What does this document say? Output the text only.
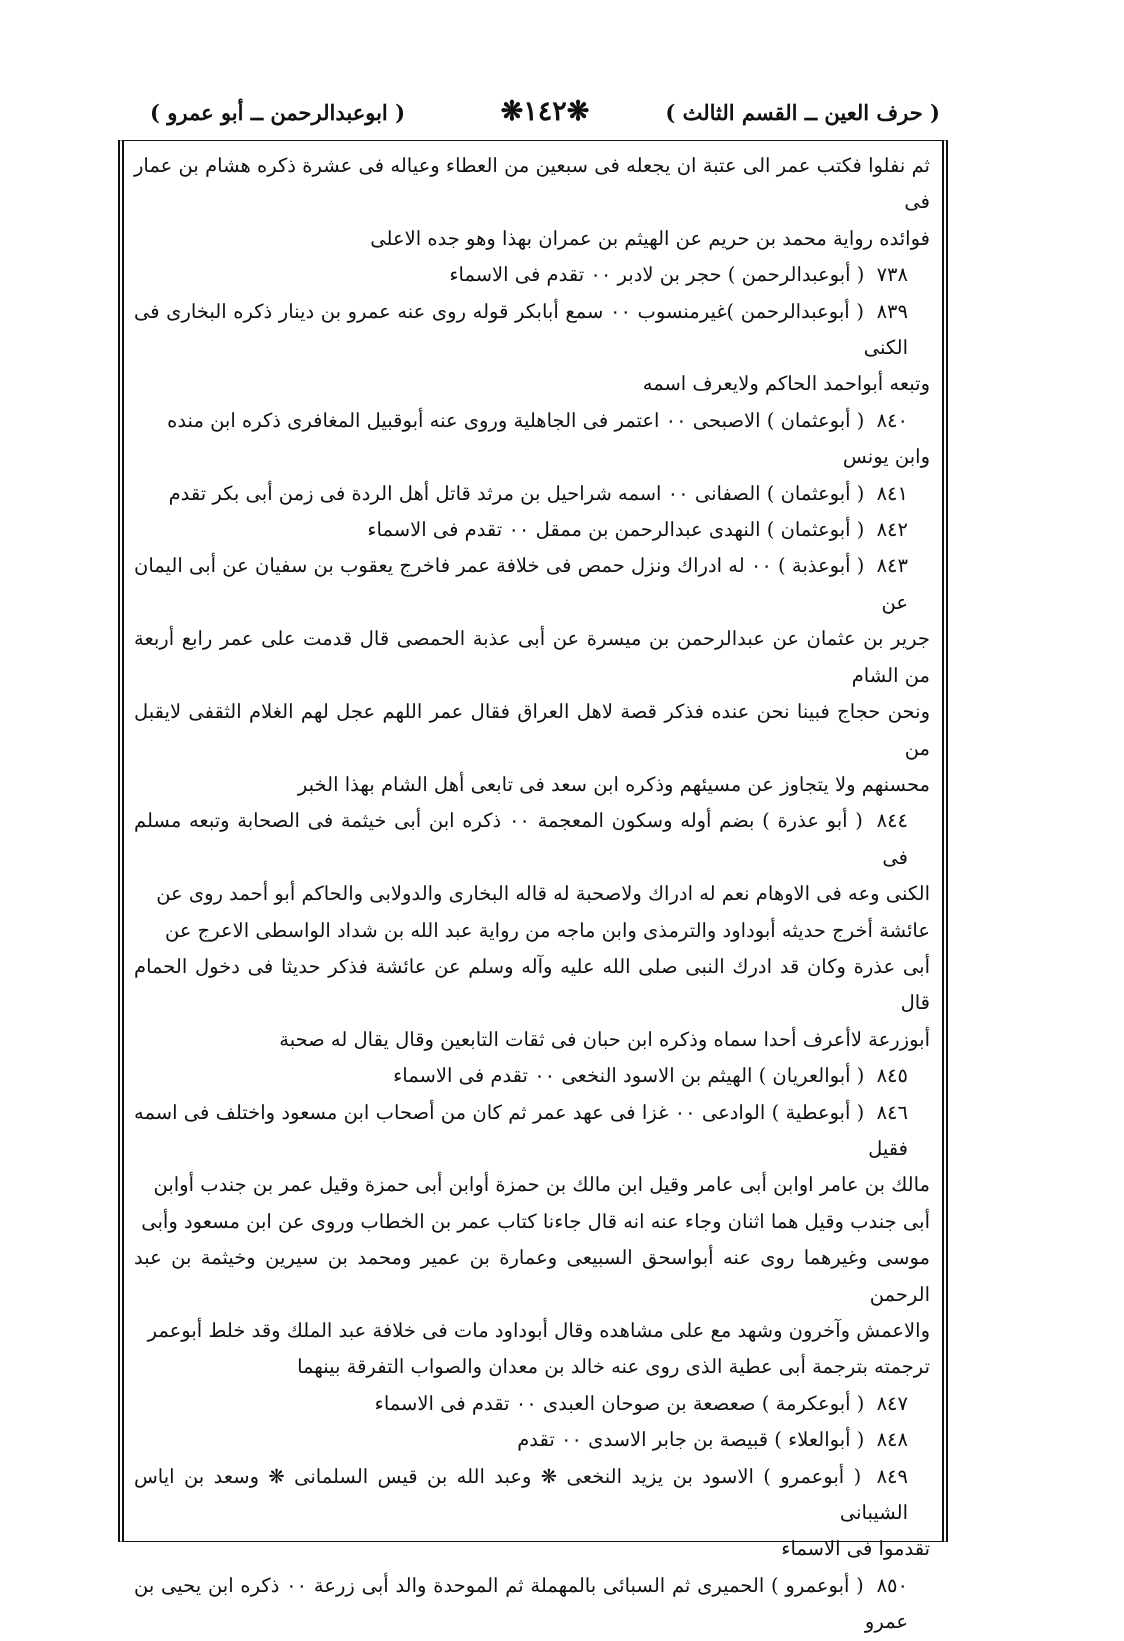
( حرف العين ــ القسم الثالث )
❋١٤٢❋
( ابوعبدالرحمن ــ أبو عمرو )

ثم نفلوا فكتب عمر الى عتبة ان يجعله فى سبعين من العطاء وعياله فى عشرة ذكره هشام بن عمار فى

فوائده رواية محمد بن حريم عن الهيثم بن عمران بهذا وهو جده الاعلى

٧٣٨ ( أبوعبدالرحمن ) حجر بن لادبر ٠٠ تقدم فى الاسماء

٨٣٩ ( أبوعبدالرحمن )غيرمنسوب ٠٠ سمع أبابكر قوله روى عنه عمرو بن دينار ذكره البخارى فى الكنى

وتبعه أبواحمد الحاكم ولايعرف اسمه

٨٤٠ ( أبوعثمان ) الاصبحى ٠٠ اعتمر فى الجاهلية وروى عنه أبوقبيل المغافرى ذكره ابن منده

وابن يونس

٨٤١ ( أبوعثمان ) الصفانى ٠٠ اسمه شراحيل بن مرثد قاتل أهل الردة فى زمن أبى بكر تقدم

٨٤٢ ( أبوعثمان ) النهدى عبدالرحمن بن ممقل ٠٠ تقدم فى الاسماء

٨٤٣ ( أبوعذبة ) ٠٠ له ادراك ونزل حمص فى خلافة عمر فاخرج يعقوب بن سفيان عن أبى اليمان عن

جرير بن عثمان عن عبدالرحمن بن ميسرة عن أبى عذبة الحمصى قال قدمت على عمر رابع أربعة من الشام

ونحن حجاج فبينا نحن عنده فذكر قصة لاهل العراق فقال عمر اللهم عجل لهم الغلام الثقفى لايقبل من

محسنهم ولا يتجاوز عن مسيئهم وذكره ابن سعد فى تابعى أهل الشام بهذا الخبر

٨٤٤ ( أبو عذرة ) بضم أوله وسكون المعجمة ٠٠ ذكره ابن أبى خيثمة فى الصحابة وتبعه مسلم فى

الكنى وعه فى الاوهام نعم له ادراك ولاصحبة له قاله البخارى والدولابى والحاكم أبو أحمد روى عن

عائشة أخرج حديثه أبوداود والترمذى وابن ماجه من رواية عبد الله بن شداد الواسطى الاعرج عن

أبى عذرة وكان قد ادرك النبى صلى الله عليه وآله وسلم عن عائشة فذكر حديثا فى دخول الحمام قال

أبوزرعة لاأعرف أحدا سماه وذكره ابن حبان فى ثقات التابعين وقال يقال له صحبة

٨٤٥ ( أبوالعريان ) الهيثم بن الاسود النخعى ٠٠ تقدم فى الاسماء

٨٤٦ ( أبوعطية ) الوادعى ٠٠ غزا فى عهد عمر ثم كان من أصحاب ابن مسعود واختلف فى اسمه فقيل

مالك بن عامر اوابن أبى عامر وقيل ابن مالك بن حمزة أوابن أبى حمزة وقيل عمر بن جندب أوابن

أبى جندب وقيل هما اثنان وجاء عنه انه قال جاءنا كتاب عمر بن الخطاب وروى عن ابن مسعود وأبى

موسى وغيرهما روى عنه أبواسحق السبيعى وعمارة بن عمير ومحمد بن سيرين وخيثمة بن عبد الرحمن

والاعمش وآخرون وشهد مع على مشاهده وقال أبوداود مات فى خلافة عبد الملك وقد خلط أبوعمر

ترجمته بترجمة أبى عطية الذى روى عنه خالد بن معدان والصواب التفرقة بينهما

٨٤٧ ( أبوعكرمة ) صعصعة بن صوحان العبدى ٠٠ تقدم فى الاسماء

٨٤٨ ( أبوالعلاء ) قبيصة بن جابر الاسدى ٠٠ تقدم

٨٤٩ ( أبوعمرو ) الاسود بن يزيد النخعى ❋ وعبد الله بن قيس السلمانى ❋ وسعد بن اياس الشيبانى

تقدموا فى الاسماء

٨٥٠ ( أبوعمرو ) الحميرى ثم السبائى بالمهملة ثم الموحدة والد أبى زرعة ٠٠ ذكره ابن يحيى بن عمرو
